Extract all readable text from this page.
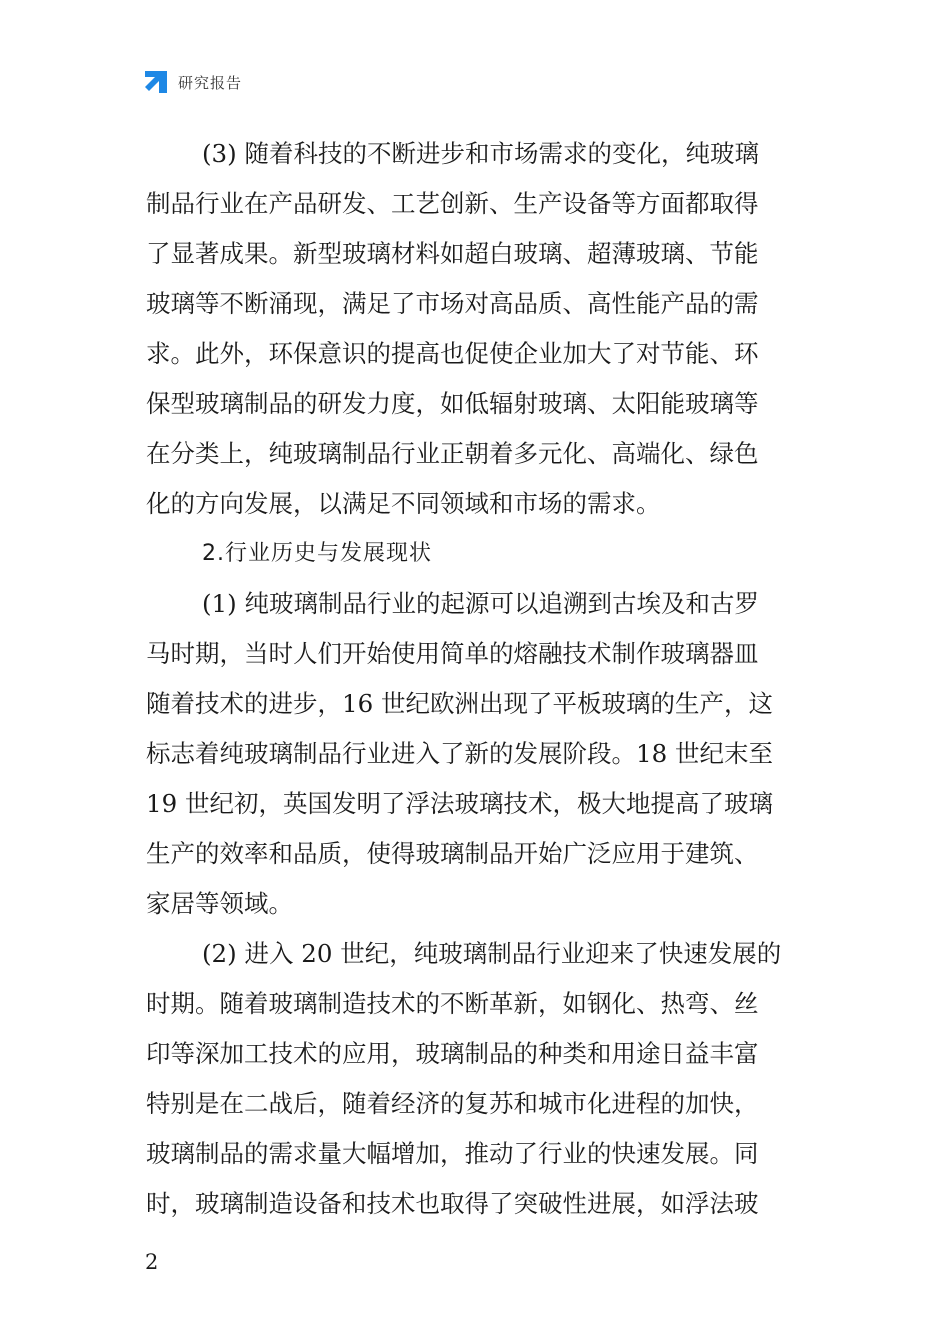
研究报告
(3) 随着科技的不断进步和市场需求的变化，纯玻璃
制品行业在产品研发、工艺创新、生产设备等方面都取得
了显著成果。新型玻璃材料如超白玻璃、超薄玻璃、节能
玻璃等不断涌现，满足了市场对高品质、高性能产品的需
求。此外，环保意识的提高也促使企业加大了对节能、环
保型玻璃制品的研发力度，如低辐射玻璃、太阳能玻璃等
在分类上，纯玻璃制品行业正朝着多元化、高端化、绿色
化的方向发展，以满足不同领域和市场的需求。
2.行业历史与发展现状
(1) 纯玻璃制品行业的起源可以追溯到古埃及和古罗
马时期，当时人们开始使用简单的熔融技术制作玻璃器皿
随着技术的进步，16 世纪欧洲出现了平板玻璃的生产，这
标志着纯玻璃制品行业进入了新的发展阶段。18 世纪末至
19 世纪初，英国发明了浮法玻璃技术，极大地提高了玻璃
生产的效率和品质，使得玻璃制品开始广泛应用于建筑、
家居等领域。
(2) 进入 20 世纪，纯玻璃制品行业迎来了快速发展的
时期。随着玻璃制造技术的不断革新，如钢化、热弯、丝
印等深加工技术的应用，玻璃制品的种类和用途日益丰富
特别是在二战后，随着经济的复苏和城市化进程的加快，
玻璃制品的需求量大幅增加，推动了行业的快速发展。同
时，玻璃制造设备和技术也取得了突破性进展，如浮法玻
2
